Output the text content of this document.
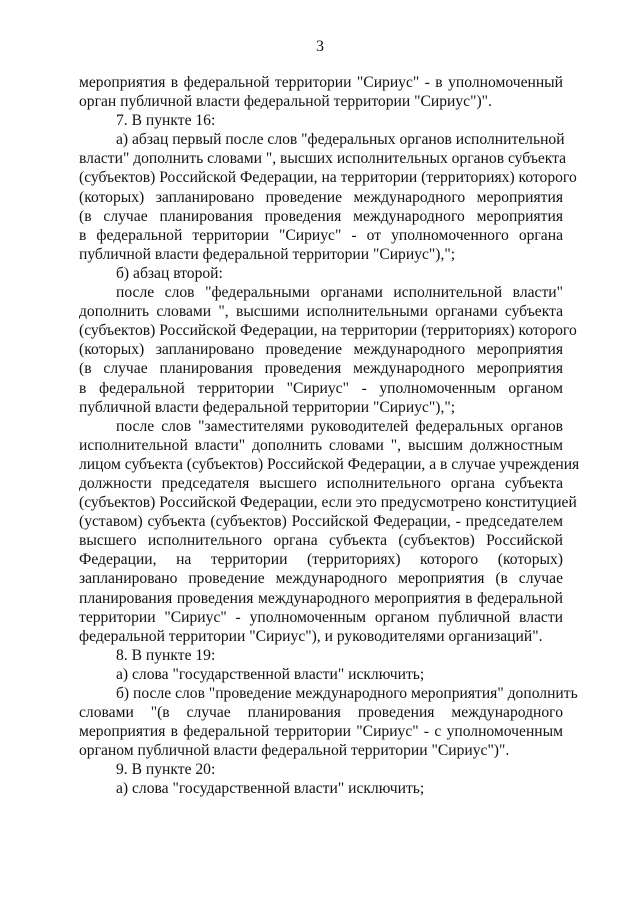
3
мероприятия в федеральной территории "Сириус" - в уполномоченный
орган публичной власти федеральной территории "Сириус")".
7. В пункте 16:
а) абзац первый после слов "федеральных органов исполнительной
власти" дополнить словами ", высших исполнительных органов субъекта
(субъектов) Российской Федерации, на территории (территориях) которого
(которых) запланировано проведение международного мероприятия
(в случае планирования проведения международного мероприятия
в федеральной территории "Сириус" - от уполномоченного органа
публичной власти федеральной территории "Сириус"),";
б) абзац второй:
после слов "федеральными органами исполнительной власти"
дополнить словами ", высшими исполнительными органами субъекта
(субъектов) Российской Федерации, на территории (территориях) которого
(которых) запланировано проведение международного мероприятия
(в случае планирования проведения международного мероприятия
в федеральной территории "Сириус" - уполномоченным органом
публичной власти федеральной территории "Сириус"),";
после слов "заместителями руководителей федеральных органов
исполнительной власти" дополнить словами ", высшим должностным
лицом субъекта (субъектов) Российской Федерации, а в случае учреждения
должности председателя высшего исполнительного органа субъекта
(субъектов) Российской Федерации, если это предусмотрено конституцией
(уставом) субъекта (субъектов) Российской Федерации, - председателем
высшего исполнительного органа субъекта (субъектов) Российской
Федерации, на территории (территориях) которого (которых)
запланировано проведение международного мероприятия (в случае
планирования проведения международного мероприятия в федеральной
территории "Сириус" - уполномоченным органом публичной власти
федеральной территории "Сириус"), и руководителями организаций".
8. В пункте 19:
а) слова "государственной власти" исключить;
б) после слов "проведение международного мероприятия" дополнить
словами "(в случае планирования проведения международного
мероприятия в федеральной территории "Сириус" - с уполномоченным
органом публичной власти федеральной территории "Сириус")".
9. В пункте 20:
а) слова "государственной власти" исключить;
